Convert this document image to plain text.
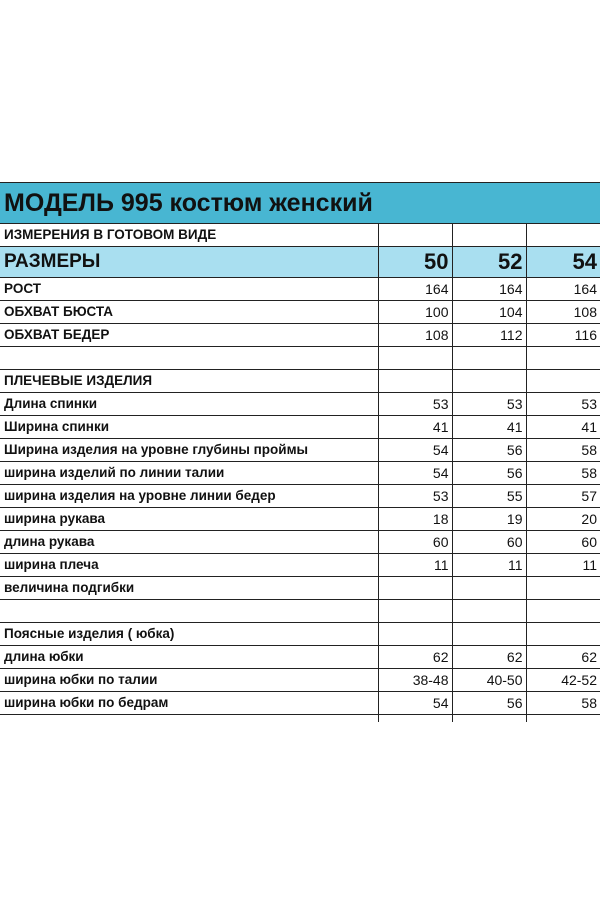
МОДЕЛЬ 995 костюм женский
ИЗМЕРЕНИЯ В ГОТОВОМ ВИДЕ			
РАЗМЕРЫ	50	52	54
РОСТ	164	164	164
ОБХВАТ БЮСТА	100	104	108
ОБХВАТ БЕДЕР	108	112	116

ПЛЕЧЕВЫЕ ИЗДЕЛИЯ			
Длина спинки	53	53	53
Ширина спинки	41	41	41
Ширина изделия на уровне глубины проймы	54	56	58
ширина изделий по линии талии	54	56	58
ширина изделия на уровне линии бедер	53	55	57
ширина рукава	18	19	20
длина рукава	60	60	60
ширина плеча	11	11	11
величина подгибки			

Поясные изделия ( юбка)			
длина юбки	62	62	62
ширина юбки по талии	38-48	40-50	42-52
ширина юбки по бедрам	54	56	58
